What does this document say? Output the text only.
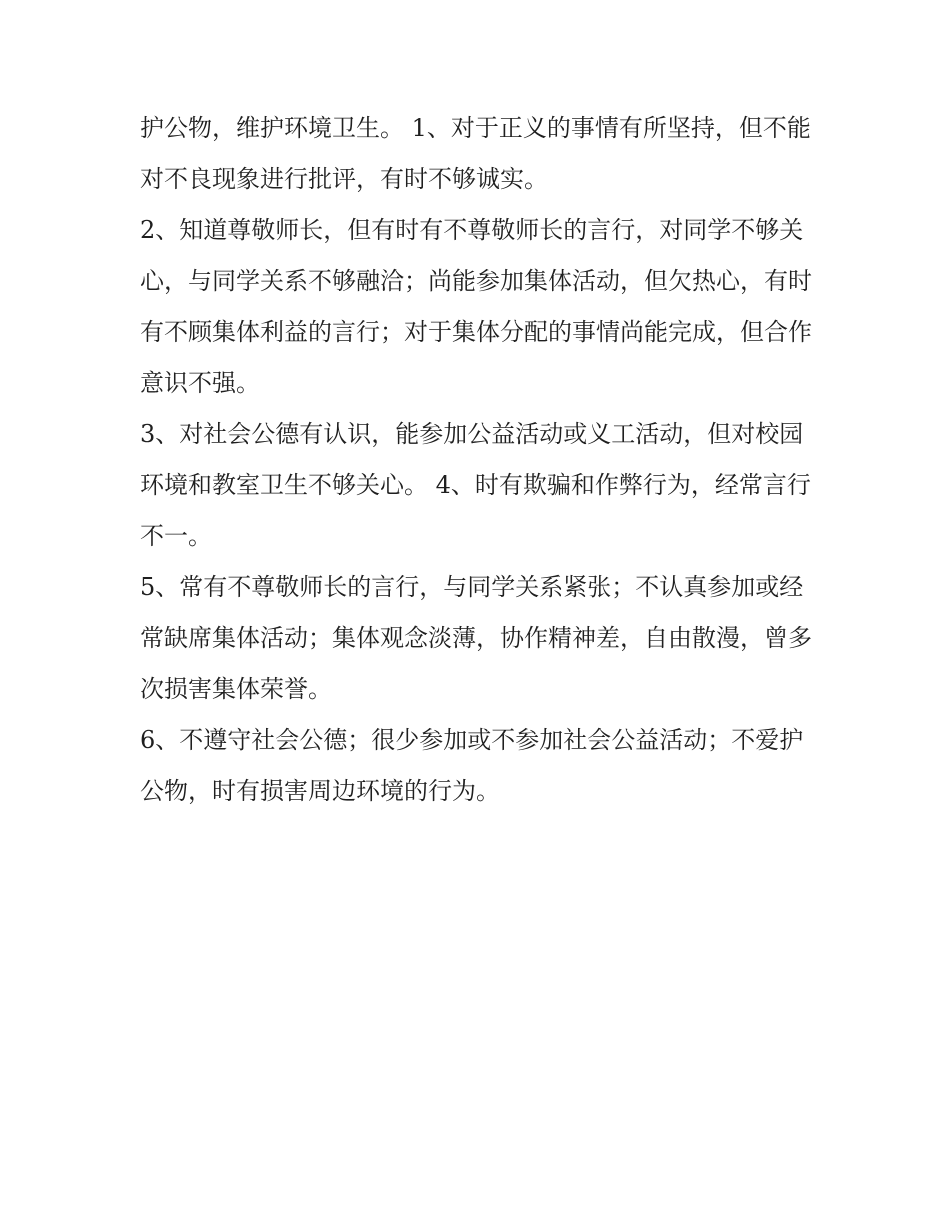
护公物，维护环境卫生。 1、对于正义的事情有所坚持，但不能对不良现象进行批评，有时不够诚实。

2、知道尊敬师长，但有时有不尊敬师长的言行，对同学不够关心，与同学关系不够融洽；尚能参加集体活动，但欠热心，有时有不顾集体利益的言行；对于集体分配的事情尚能完成，但合作意识不强。

3、对社会公德有认识，能参加公益活动或义工活动，但对校园环境和教室卫生不够关心。 4、时有欺骗和作弊行为，经常言行不一。

5、常有不尊敬师长的言行，与同学关系紧张；不认真参加或经常缺席集体活动；集体观念淡薄，协作精神差，自由散漫，曾多次损害集体荣誉。

6、不遵守社会公德；很少参加或不参加社会公益活动；不爱护公物，时有损害周边环境的行为。
